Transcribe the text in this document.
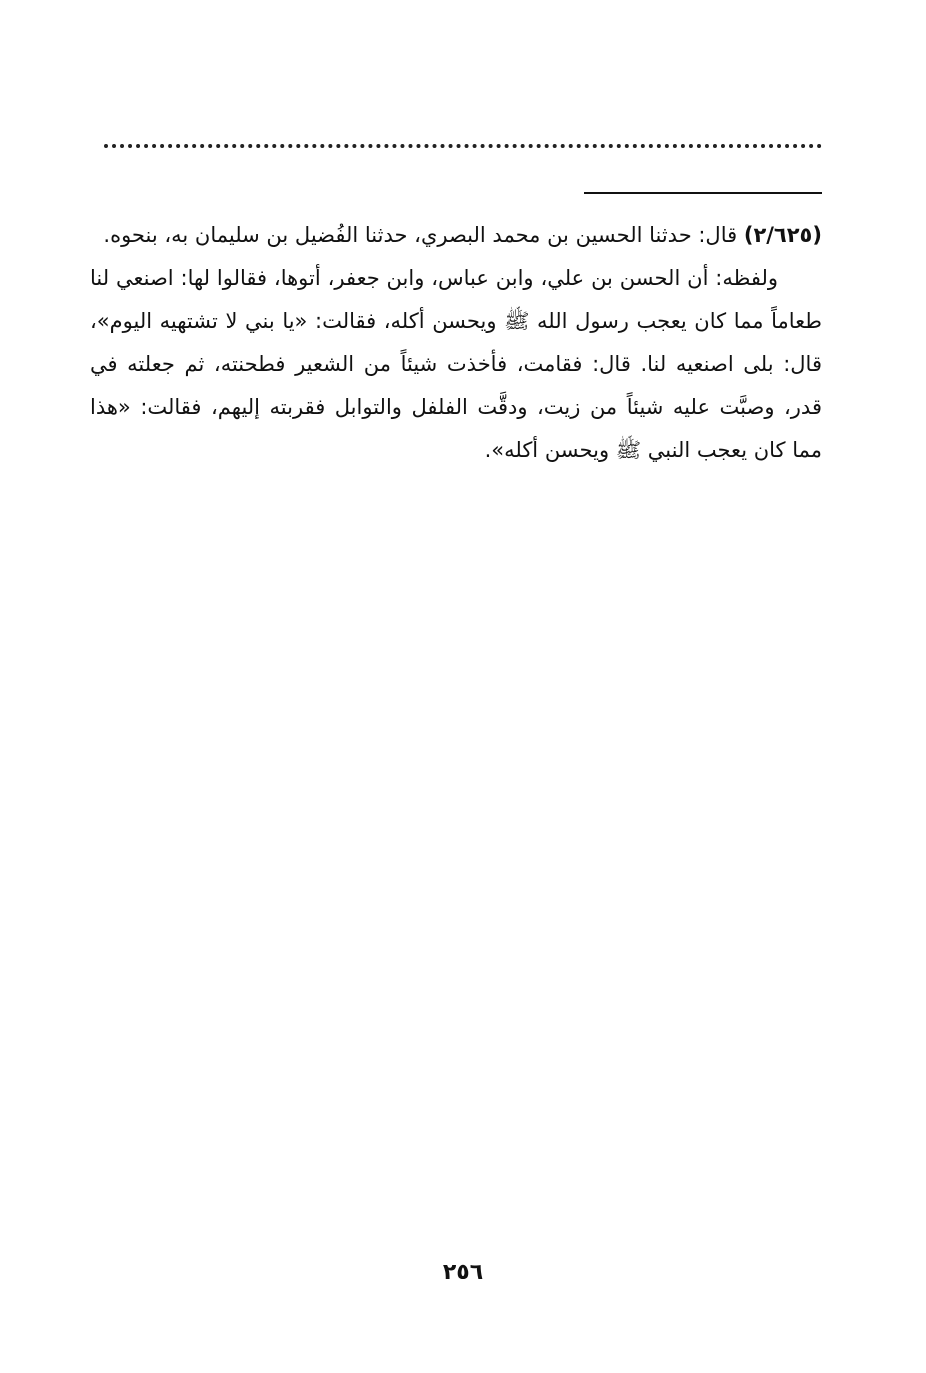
(٢/٦٢٥) قال: حدثنا الحسين بن محمد البصري، حدثنا الفُضيل بن سليمان به، بنحوه.

ولفظه: أن الحسن بن علي، وابن عباس، وابن جعفر، أتوها، فقالوا لها: اصنعي لنا طعاماً مما كان يعجب رسول الله ﷺ ويحسن أكله، فقالت: «يا بني لا تشتهيه اليوم»، قال: بلى اصنعيه لنا. قال: فقامت، فأخذت شيئاً من الشعير فطحنته، ثم جعلته في قدر، وصبَّت عليه شيئاً من زيت، ودقَّت الفلفل والتوابل فقربته إليهم، فقالت: «هذا مما كان يعجب النبي ﷺ ويحسن أكله».

٢٥٦
